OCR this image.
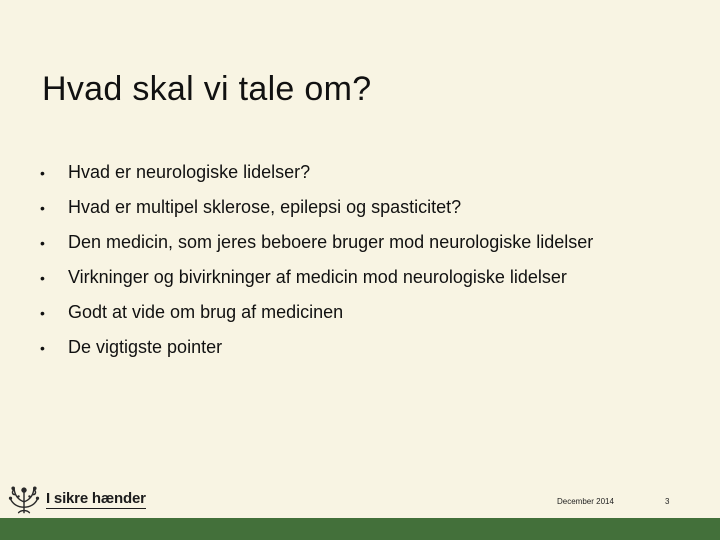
Hvad skal vi tale om?
•	Hvad er neurologiske lidelser?
•	Hvad er multipel sklerose, epilepsi og spasticitet?
•	Den medicin, som jeres beboere bruger mod neurologiske lidelser
•	Virkninger og bivirkninger af medicin mod neurologiske lidelser
•	Godt at vide om brug af medicinen
•	De vigtigste pointer
I sikre hænder	December 2014	3
